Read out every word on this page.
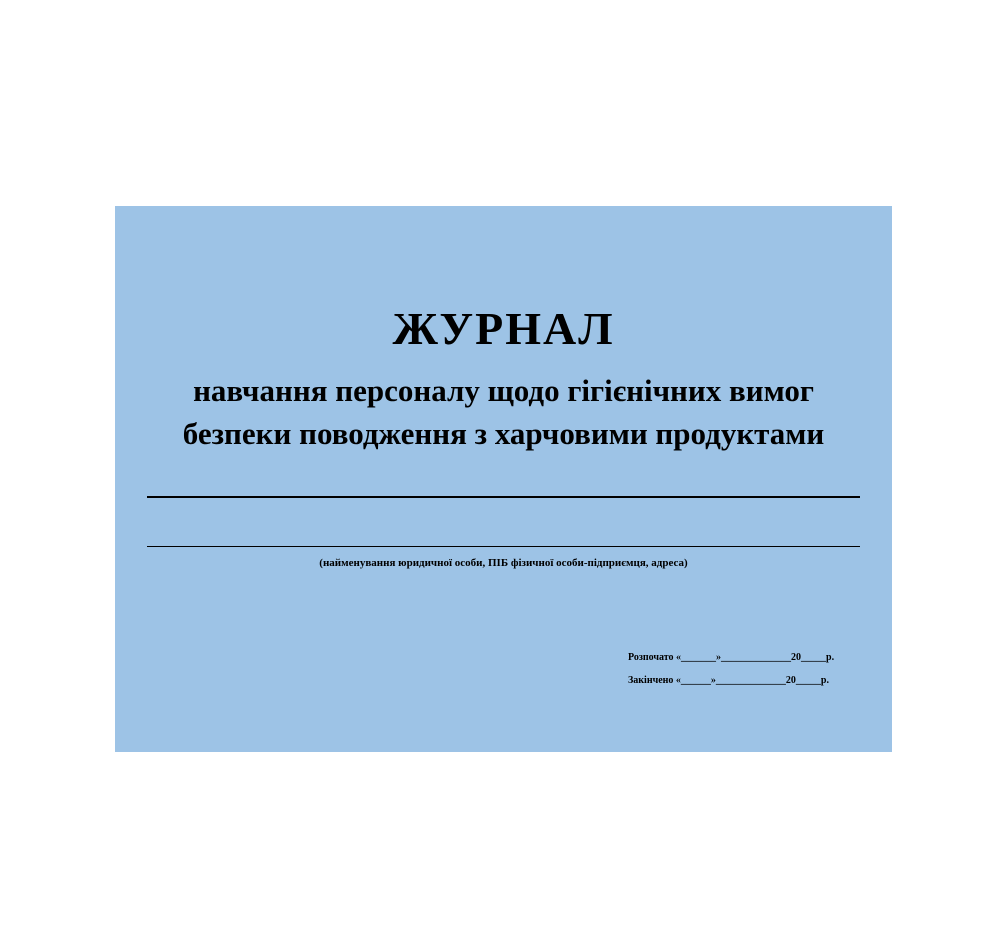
ЖУРНАЛ
навчання персоналу щодо гігієнічних вимог
безпеки поводження з харчовими продуктами
(найменування юридичної особи, ПІБ фізичної особи-підприємця, адреса)
Розпочато «_______»______________20_____р.
Закінчено «______»______________20_____р.
